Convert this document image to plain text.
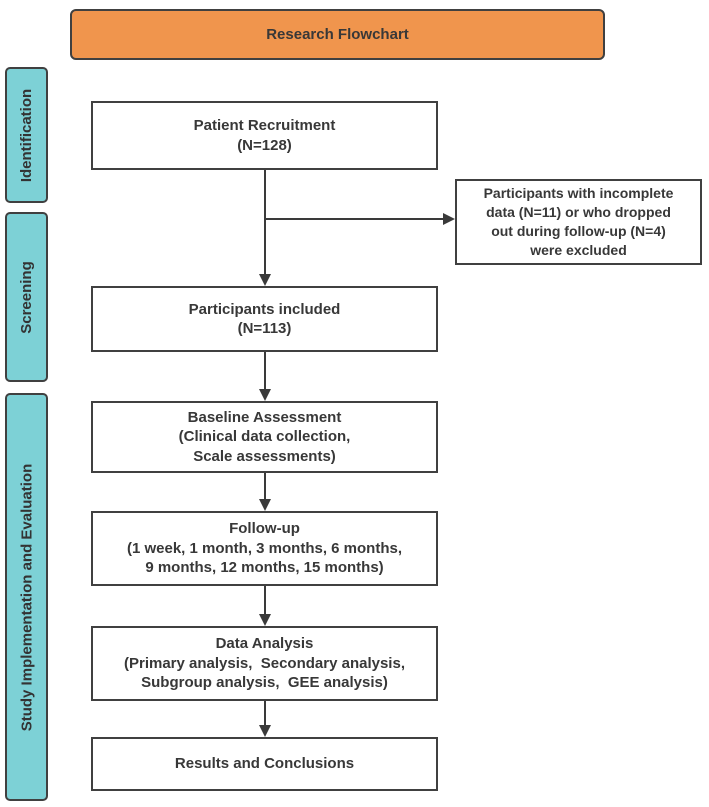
Research Flowchart
Identification
Screening
Study Implementation and Evaluation
Patient Recruitment
(N=128)
Participants with incomplete
data (N=11) or who dropped
out during follow-up (N=4)
were excluded
Participants included
(N=113)
Baseline Assessment
(Clinical data collection,
Scale assessments)
Follow-up
(1 week, 1 month, 3 months, 6 months,
9 months, 12 months, 15 months)
Data Analysis
(Primary analysis,  Secondary analysis,
Subgroup analysis,  GEE analysis)
Results and Conclusions
